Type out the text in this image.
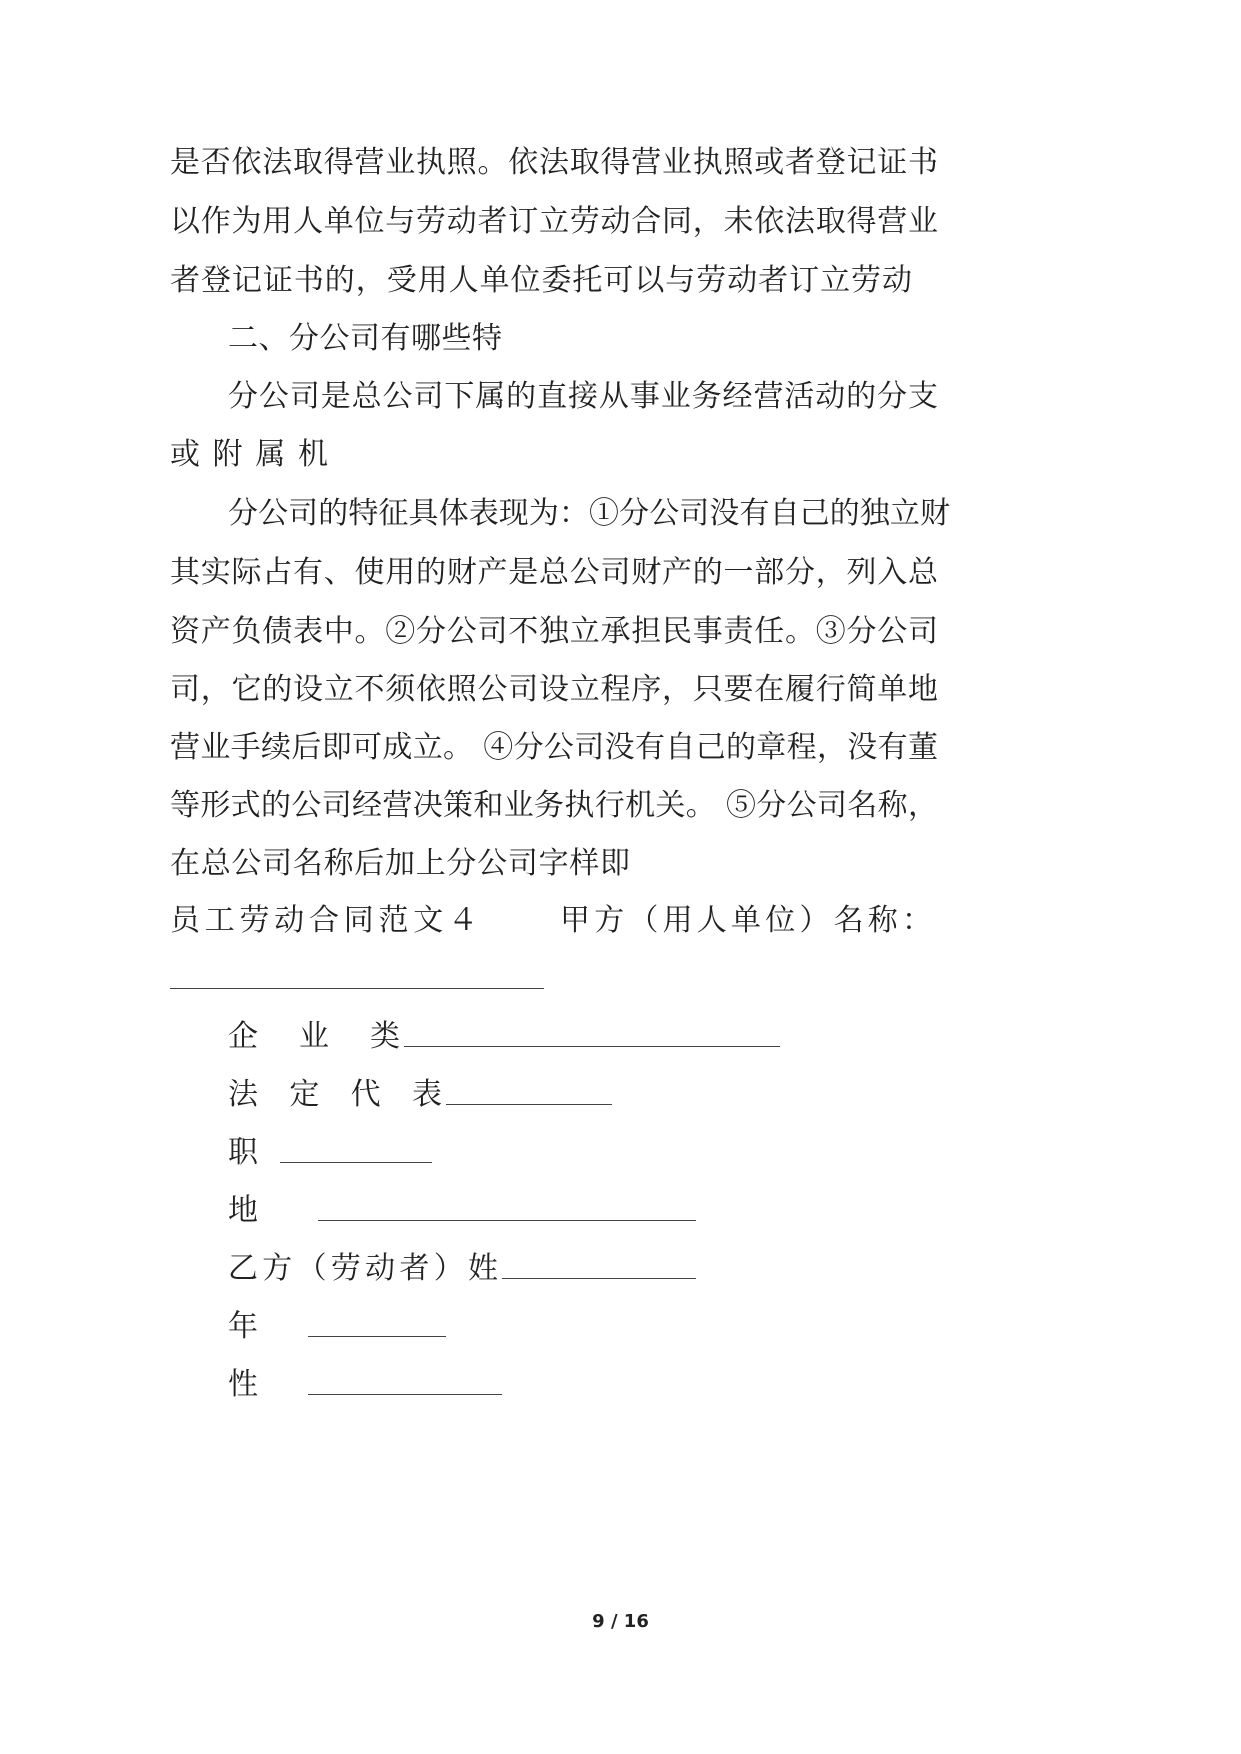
是否依法取得营业执照。依法取得营业执照或者登记证书
以作为用人单位与劳动者订立劳动合同，未依法取得营业
者登记证书的，受用人单位委托可以与劳动者订立劳动
二、分公司有哪些特
分公司是总公司下属的直接从事业务经营活动的分支
或附属机
分公司的特征具体表现为：①分公司没有自己的独立财
其实际占有、使用的财产是总公司财产的一部分，列入总
资产负债表中。②分公司不独立承担民事责任。③分公司
司，它的设立不须依照公司设立程序，只要在履行简单地
营业手续后即可成立。 ④分公司没有自己的章程，没有董
等形式的公司经营决策和业务执行机关。 ⑤分公司名称，
在总公司名称后加上分公司字样即
员工劳动合同范文４	甲方（用人单位）名称：
企 业 类
法 定 代 表
职
地　
乙方（劳动者）姓
年
性
9 / 16
